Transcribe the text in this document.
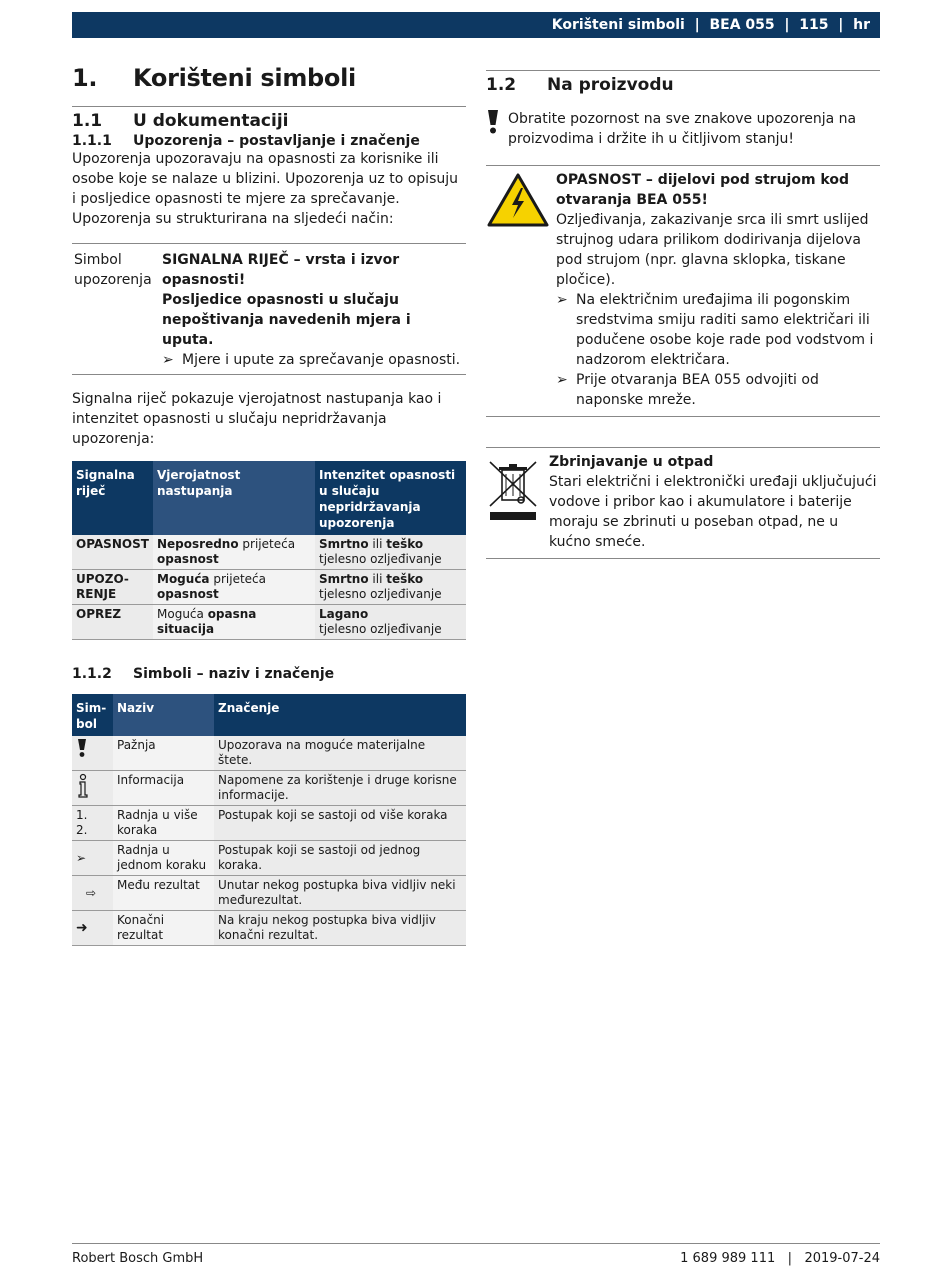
Korišteni simboli | BEA 055 | 115 | hr
1.	Korišteni simboli
1.1	U dokumentaciji
1.1.1	Upozorenja – postavljanje i značenje
Upozorenja upozoravaju na opasnosti za korisnike ili osobe koje se nalaze u blizini. Upozorenja uz to opisuju i posljedice opasnosti te mjere za sprečavanje. Upozorenja su strukturirana na sljedeći način:
Simbol upozorenja
SIGNALNA RIJEČ – vrsta i izvor opasnosti!
Posljedice opasnosti u slučaju nepoštivanja navedenih mjera i uputa.
➢ Mjere i upute za sprečavanje opasnosti.
Signalna riječ pokazuje vjerojatnost nastupanja kao i intenzitet opasnosti u slučaju nepridržavanja upozorenja:
Signalna riječ	Vjerojatnost nastupanja	Intenzitet opasnosti u slučaju nepridržavanja upozorenja
OPASNOST	Neposredno prijeteća opasnost	Smrtno ili teško
tjelesno ozljeđivanje
UPOZO-RENJE	Moguća prijeteća opasnost	Smrtno ili teško
tjelesno ozljeđivanje
OPREZ	Moguća opasna situacija	Lagano
tjelesno ozljeđivanje
1.1.2	Simboli – naziv i značenje
Sim-bol	Naziv	Značenje
	Pažnja	Upozorava na moguće materijalne štete.
	Informacija	Napomene za korištenje i druge korisne informacije.

1.
2.	Radnja u više koraka	Postupak koji se sastoji od više koraka
➢	Radnja u jednom koraku	Postupak koji se sastoji od jednog koraka.
⇨	Među rezultat	Unutar nekog postupka biva vidljiv neki međurezultat.
➜	Konačni rezultat	Na kraju nekog postupka biva vidljiv konačni rezultat.
1.2	Na proizvodu
Obratite pozornost na sve znakove upozorenja na proizvodima i držite ih u čitljivom stanju!
OPASNOST – dijelovi pod strujom kod otvaranja BEA 055!
Ozljeđivanja, zakazivanje srca ili smrt uslijed strujnog udara prilikom dodirivanja dijelova pod strujom (npr. glavna sklopka, tiskane pločice).
➢ Na električnim uređajima ili pogonskim sredstvima smiju raditi samo električari ili podučene osobe koje rade pod vodstvom i nadzorom električara.
➢ Prije otvaranja BEA 055 odvojiti od naponske mreže.
Zbrinjavanje u otpad
Stari električni i elektronički uređaji uključujući vodove i pribor kao i akumulatore i baterije moraju se zbrinuti u poseban otpad, ne u kućno smeće.
Robert Bosch GmbH	1 689 989 111 | 2019-07-24
